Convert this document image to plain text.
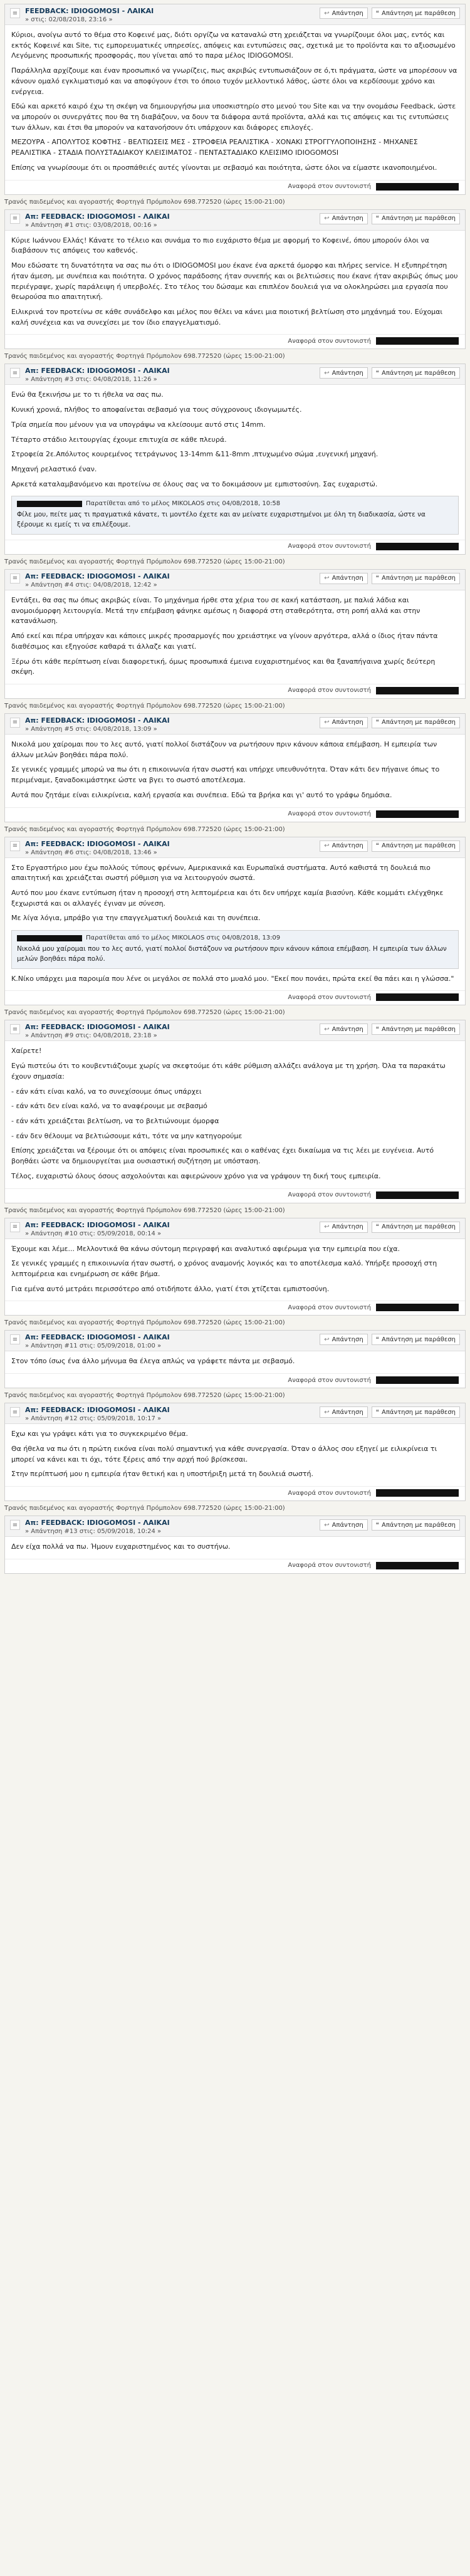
≡	FEEDBACK: IDIOGOMOSI - ΛΑΙΚΑΙ
» στις: 02/08/2018, 23:16 »
↩ Απάντηση ❝ Απάντηση με παράθεση

Κύριοι, ανοίγω αυτό το θέμα στο Κοφεινέ μας, διότι οργίζω να καταναλώ στη χρειάζεται να γνωρίζουμε όλοι μας, εντός και εκτός Κοφεινέ και Site, τις εμπορευματικές υπηρεσίες, απόψεις και εντυπώσεις σας, σχετικά με το προϊόντα και το αξιοσωμένο Λεγόμενης προσωπικής προσφοράς, που γίνεται από το παρα μέλος IDIOGOMOSI.

Παράλληλα αρχίζουμε και έναν προσωπικό να γνωρίζεις, πως ακριβώς εντυπωσιάζουν σε ό,τι πράγματα, ώστε να μπορέσουν να κάνουν ομαλό εγκλιματισμό και να αποφύγουν έτσι το όποιο τυχόν μελλοντικό λάθος, ώστε όλοι να κερδίσουμε χρόνο και ενέργεια.

Εδώ και αρκετό καιρό έχω τη σκέψη να δημιουργήσω μια υποσκιστηρίο στο μενού του Site και να την ονομάσω Feedback, ώστε να μπορούν οι συνεργάτες που θα τη διαβάζουν, να δουν τα διάφορα αυτά προϊόντα, αλλά και τις απόψεις και τις εντυπώσεις των άλλων, και έτσι θα μπορούν να κατανοήσουν ότι υπάρχουν και διάφορες επιλογές.

ΜΕΖΟΥΡΑ - ΑΠΟΛΥΤΟΣ ΚΟΦΤΗΣ - ΒΕΛΤΙΩΣΕΙΣ ΜΕΣ - ΣΤΡΟΦΕΙΑ ΡΕΑΛΙΣΤΙΚΑ - ΧΟΝΑΚΙ ΣΤΡΟΓΓΥΛΟΠΟΙΗΣΗΣ - ΜΗΧΑΝΕΣ ΡΕΑΛΙΣΤΙΚΑ - ΣΤΑΔΙΑ ΠΟΛΥΣΤΑΔΙΑΚΟΥ ΚΛΕΙΣΙΜΑΤΟΣ - ΠΕΝΤΑΣΤΑΔΙΑΚΟ ΚΛΕΙΣΙΜΟ IDIOGOMOSI

Επίσης να γνωρίσουμε ότι οι προσπάθειές αυτές γίνονται με σεβασμό και ποιότητα, ώστε όλοι να είμαστε ικανοποιημένοι.

Αναφορά στον συντονιστή
Τρανός παιδεμένος και αγοραστής Φορτηγά Πρόμπολον 698.772520 (ώρες 15:00-21:00)
≡	Απ: FEEDBACK: IDIOGOMOSI - ΛΑΙΚΑΙ
» Απάντηση #1 στις: 03/08/2018, 00:16 »
↩ Απάντηση ❝ Απάντηση με παράθεση

Κύριε Ιωάννου Ελλάς! Κάνατε το τέλειο και συνάμα το πιο ευχάριστο θέμα με αφορμή το Κοφεινέ, όπου μπορούν όλοι να διαβάσουν τις απόψεις του καθενός.

Μου εδώσατε τη δυνατότητα να σας πω ότι ο IDIOGOMOSI μου έκανε ένα αρκετά όμορφο και πλήρες service. Η εξυπηρέτηση ήταν άμεση, με συνέπεια και ποιότητα. Ο χρόνος παράδοσης ήταν συνεπής και οι βελτιώσεις που έκανε ήταν ακριβώς όπως μου περιέγραψε, χωρίς παράλειψη ή υπερβολές. Στο τέλος του δώσαμε και επιπλέον δουλειά για να ολοκληρώσει μια εργασία που θεωρούσα πιο απαιτητική.

Ειλικρινά τον προτείνω σε κάθε συνάδελφο και μέλος που θέλει να κάνει μια ποιοτική βελτίωση στο μηχάνημά του. Εύχομαι καλή συνέχεια και να συνεχίσει με τον ίδιο επαγγελματισμό.

Αναφορά στον συντονιστή
Τρανός παιδεμένος και αγοραστής Φορτηγά Πρόμπολον 698.772520 (ώρες 15:00-21:00)
≡	Απ: FEEDBACK: IDIOGOMOSI - ΛΑΙΚΑΙ
» Απάντηση #3 στις: 04/08/2018, 11:26 »
↩ Απάντηση ❝ Απάντηση με παράθεση

Ενώ θα ξεκινήσω με το τι ήθελα να σας πω.

Κυνική χρονιά, πλήθος το αποφαίνεται σεβασμό για τους σύγχρονους ιδιογωμωτές.

Τρία σημεία που μένουν για να υπογράψω να κλείσουμε αυτό στις 14mm.

Τέταρτο στάδιο λειτουργίας έχουμε επιτυχία σε κάθε πλευρά.

Στροφεία 2ε.Απόλυτος κουρεμένος τετράγωνος 13-14mm &11-8mm ,πτυχωμένο σώμα ,ευγενική μηχανή.

Μηχανή ρελαστικό έναν.

Αρκετά καταλαμβανόμενο και προτείνω σε όλους σας να το δοκιμάσουν με εμπιστοσύνη. Σας ευχαριστώ.

Παρατίθεται από το μέλος MIKOLAOS στις 04/08/2018, 10:58
Φίλε μου, πείτε μας τι πραγματικά κάνατε, τι μοντέλο έχετε και αν μείνατε ευχαριστημένοι με όλη τη διαδικασία, ώστε να ξέρουμε κι εμείς τι να επιλέξουμε.
Αναφορά στον συντονιστή
Τρανός παιδεμένος και αγοραστής Φορτηγά Πρόμπολον 698.772520 (ώρες 15:00-21:00)
≡	Απ: FEEDBACK: IDIOGOMOSI - ΛΑΙΚΑΙ
» Απάντηση #4 στις: 04/08/2018, 12:42 »
↩ Απάντηση ❝ Απάντηση με παράθεση

Εντάξει, θα σας πω όπως ακριβώς είναι. Το μηχάνημα ήρθε στα χέρια του σε κακή κατάσταση, με παλιά λάδια και ανομοιόμορφη λειτουργία. Μετά την επέμβαση φάνηκε αμέσως η διαφορά στη σταθερότητα, στη ροπή αλλά και στην κατανάλωση.

Από εκεί και πέρα υπήρχαν και κάποιες μικρές προσαρμογές που χρειάστηκε να γίνουν αργότερα, αλλά ο ίδιος ήταν πάντα διαθέσιμος και εξηγούσε καθαρά τι άλλαζε και γιατί.

Ξέρω ότι κάθε περίπτωση είναι διαφορετική, όμως προσωπικά έμεινα ευχαριστημένος και θα ξαναπήγαινα χωρίς δεύτερη σκέψη.

Αναφορά στον συντονιστή
Τρανός παιδεμένος και αγοραστής Φορτηγά Πρόμπολον 698.772520 (ώρες 15:00-21:00)
≡	Απ: FEEDBACK: IDIOGOMOSI - ΛΑΙΚΑΙ
» Απάντηση #5 στις: 04/08/2018, 13:09 »
↩ Απάντηση ❝ Απάντηση με παράθεση

Νικολά μου χαίρομαι που το λες αυτό, γιατί πολλοί διστάζουν να ρωτήσουν πριν κάνουν κάποια επέμβαση. Η εμπειρία των άλλων μελών βοηθάει πάρα πολύ.

Σε γενικές γραμμές μπορώ να πω ότι η επικοινωνία ήταν σωστή και υπήρχε υπευθυνότητα. Όταν κάτι δεν πήγαινε όπως το περιμέναμε, ξαναδοκιμάστηκε ώστε να βγει το σωστό αποτέλεσμα.

Αυτά που ζητάμε είναι ειλικρίνεια, καλή εργασία και συνέπεια. Εδώ τα βρήκα και γι' αυτό το γράφω δημόσια.

Αναφορά στον συντονιστή
Τρανός παιδεμένος και αγοραστής Φορτηγά Πρόμπολον 698.772520 (ώρες 15:00-21:00)
≡	Απ: FEEDBACK: IDIOGOMOSI - ΛΑΙΚΑΙ
» Απάντηση #6 στις: 04/08/2018, 13:46 »
↩ Απάντηση ❝ Απάντηση με παράθεση

Στο Εργαστήριο μου έχω πολλούς τύπους φρένων, Αμερικανικά και Ευρωπαϊκά συστήματα. Αυτό καθιστά τη δουλειά πιο απαιτητική και χρειάζεται σωστή ρύθμιση για να λειτουργούν σωστά.

Αυτό που μου έκανε εντύπωση ήταν η προσοχή στη λεπτομέρεια και ότι δεν υπήρχε καμία βιασύνη. Κάθε κομμάτι ελέγχθηκε ξεχωριστά και οι αλλαγές έγιναν με σύνεση.

Με λίγα λόγια, μπράβο για την επαγγελματική δουλειά και τη συνέπεια.

Παρατίθεται από το μέλος MIKOLAOS στις 04/08/2018, 13:09
Νικολά μου χαίρομαι που το λες αυτό, γιατί πολλοί διστάζουν να ρωτήσουν πριν κάνουν κάποια επέμβαση. Η εμπειρία των άλλων μελών βοηθάει πάρα πολύ.

Κ.Νίκο υπάρχει μια παροιμία που λένε οι μεγάλοι σε πολλά στο μυαλό μου. "Εκεί που πονάει, πρώτα εκεί θα πάει και η γλώσσα."

Αναφορά στον συντονιστή
Τρανός παιδεμένος και αγοραστής Φορτηγά Πρόμπολον 698.772520 (ώρες 15:00-21:00)
≡	Απ: FEEDBACK: IDIOGOMOSI - ΛΑΙΚΑΙ
» Απάντηση #9 στις: 04/08/2018, 23:18 »
↩ Απάντηση ❝ Απάντηση με παράθεση

Χαίρετε!

Εγώ πιστεύω ότι το κουβεντιάζουμε χωρίς να σκεφτούμε ότι κάθε ρύθμιση αλλάζει ανάλογα με τη χρήση. Όλα τα παρακάτω έχουν σημασία:

- εάν κάτι είναι καλό, να το συνεχίσουμε όπως υπάρχει

- εάν κάτι δεν είναι καλό, να το αναφέρουμε με σεβασμό

- εάν κάτι χρειάζεται βελτίωση, να το βελτιώνουμε όμορφα

- εάν δεν θέλουμε να βελτιώσουμε κάτι, τότε να μην κατηγορούμε

Επίσης χρειάζεται να ξέρουμε ότι οι απόψεις είναι προσωπικές και ο καθένας έχει δικαίωμα να τις λέει με ευγένεια. Αυτό βοηθάει ώστε να δημιουργείται μια ουσιαστική συζήτηση με υπόσταση.

Τέλος, ευχαριστώ όλους όσους ασχολούνται και αφιερώνουν χρόνο για να γράψουν τη δική τους εμπειρία.

Αναφορά στον συντονιστή
Τρανός παιδεμένος και αγοραστής Φορτηγά Πρόμπολον 698.772520 (ώρες 15:00-21:00)
≡	Απ: FEEDBACK: IDIOGOMOSI - ΛΑΙΚΑΙ
» Απάντηση #10 στις: 05/09/2018, 00:14 »
↩ Απάντηση ❝ Απάντηση με παράθεση

Έχουμε και λέμε... Μελλοντικά θα κάνω σύντομη περιγραφή και αναλυτικό αφιέρωμα για την εμπειρία που είχα.

Σε γενικές γραμμές η επικοινωνία ήταν σωστή, ο χρόνος αναμονής λογικός και το αποτέλεσμα καλό. Υπήρξε προσοχή στη λεπτομέρεια και ενημέρωση σε κάθε βήμα.

Για εμένα αυτό μετράει περισσότερο από οτιδήποτε άλλο, γιατί έτσι χτίζεται εμπιστοσύνη.

Αναφορά στον συντονιστή
Τρανός παιδεμένος και αγοραστής Φορτηγά Πρόμπολον 698.772520 (ώρες 15:00-21:00)
≡	Απ: FEEDBACK: IDIOGOMOSI - ΛΑΙΚΑΙ
» Απάντηση #11 στις: 05/09/2018, 01:00 »
↩ Απάντηση ❝ Απάντηση με παράθεση

Στον τόπο ίσως ένα άλλο μήνυμα θα έλεγα απλώς να γράφετε πάντα με σεβασμό.

Αναφορά στον συντονιστή
Τρανός παιδεμένος και αγοραστής Φορτηγά Πρόμπολον 698.772520 (ώρες 15:00-21:00)
≡	Απ: FEEDBACK: IDIOGOMOSI - ΛΑΙΚΑΙ
» Απάντηση #12 στις: 05/09/2018, 10:17 »
↩ Απάντηση ❝ Απάντηση με παράθεση

Εχω και γω γράψει κάτι για το συγκεκριμένο θέμα.

Θα ήθελα να πω ότι η πρώτη εικόνα είναι πολύ σημαντική για κάθε συνεργασία. Όταν ο άλλος σου εξηγεί με ειλικρίνεια τι μπορεί να κάνει και τι όχι, τότε ξέρεις από την αρχή πού βρίσκεσαι.

Στην περίπτωσή μου η εμπειρία ήταν θετική και η υποστήριξη μετά τη δουλειά σωστή.

Αναφορά στον συντονιστή
Τρανός παιδεμένος και αγοραστής Φορτηγά Πρόμπολον 698.772520 (ώρες 15:00-21:00)
≡	Απ: FEEDBACK: IDIOGOMOSI - ΛΑΙΚΑΙ
» Απάντηση #13 στις: 05/09/2018, 10:24 »
↩ Απάντηση ❝ Απάντηση με παράθεση

Δεν είχα πολλά να πω. Ήμουν ευχαριστημένος και το συστήνω.

Αναφορά στον συντονιστή
